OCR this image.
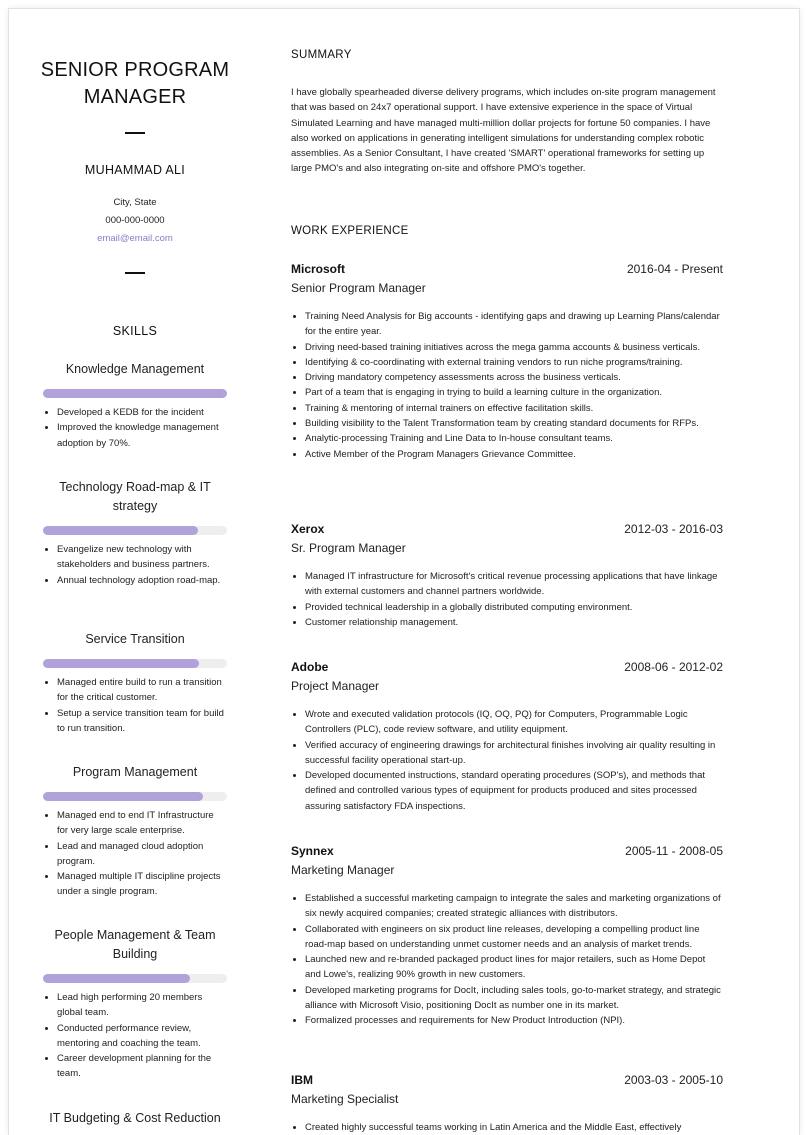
SENIOR PROGRAM
MANAGER
MUHAMMAD ALI
City, State
000-000-0000
email@email.com
SKILLS
Knowledge Management
• Developed a KEDB for the incident
• Improved the knowledge management adoption by 70%.
Technology Road-map & IT strategy
• Evangelize new technology with stakeholders and business partners.
• Annual technology adoption road-map.
Service Transition
• Managed entire build to run a transition for the critical customer.
• Setup a service transition team for build to run transition.
Program Management
• Managed end to end IT Infrastructure for very large scale enterprise.
• Lead and managed cloud adoption program.
• Managed multiple IT discipline projects under a single program.
People Management & Team Building
• Lead high performing 20 members global team.
• Conducted performance review, mentoring and coaching the team.
• Career development planning for the team.
IT Budgeting & Cost Reduction
SUMMARY

I have globally spearheaded diverse delivery programs, which includes on-site program management that was based on 24x7 operational support. I have extensive experience in the space of Virtual Simulated Learning and have managed multi-million dollar projects for fortune 50 companies. I have also worked on applications in generating intelligent simulations for understanding complex robotic assemblies. As a Senior Consultant, I have created 'SMART' operational frameworks for setting up large PMO's and also integrating on-site and offshore PMO's together.

WORK EXPERIENCE
Microsoft	2016-04 - Present
Senior Program Manager
• Training Need Analysis for Big accounts - identifying gaps and drawing up Learning Plans/calendar for the entire year.
• Driving need-based training initiatives across the mega gamma accounts & business verticals.
• Identifying & co-coordinating with external training vendors to run niche programs/training.
• Driving mandatory competency assessments across the business verticals.
• Part of a team that is engaging in trying to build a learning culture in the organization.
• Training & mentoring of internal trainers on effective facilitation skills.
• Building visibility to the Talent Transformation team by creating standard documents for RFPs.
• Analytic-processing Training and Line Data to In-house consultant teams.
• Active Member of the Program Managers Grievance Committee.
Xerox	2012-03 - 2016-03
Sr. Program Manager
• Managed IT infrastructure for Microsoft's critical revenue processing applications that have linkage with external customers and channel partners worldwide.
• Provided technical leadership in a globally distributed computing environment.
• Customer relationship management.
Adobe	2008-06 - 2012-02
Project Manager
• Wrote and executed validation protocols (IQ, OQ, PQ) for Computers, Programmable Logic Controllers (PLC), code review software, and utility equipment.
• Verified accuracy of engineering drawings for architectural finishes involving air quality resulting in successful facility operational start-up.
• Developed documented instructions, standard operating procedures (SOP's), and methods that defined and controlled various types of equipment for products produced and sites processed assuring satisfactory FDA inspections.
Synnex	2005-11 - 2008-05
Marketing Manager
• Established a successful marketing campaign to integrate the sales and marketing organizations of six newly acquired companies; created strategic alliances with distributors.
• Collaborated with engineers on six product line releases, developing a compelling product line road-map based on understanding unmet customer needs and an analysis of market trends.
• Launched new and re-branded packaged product lines for major retailers, such as Home Depot and Lowe's, realizing 90% growth in new customers.
• Developed marketing programs for DocIt, including sales tools, go-to-market strategy, and strategic alliance with Microsoft Visio, positioning DocIt as number one in its market.
• Formalized processes and requirements for New Product Introduction (NPI).
IBM	2003-03 - 2005-10
Marketing Specialist
• Created highly successful teams working in Latin America and the Middle East, effectively
